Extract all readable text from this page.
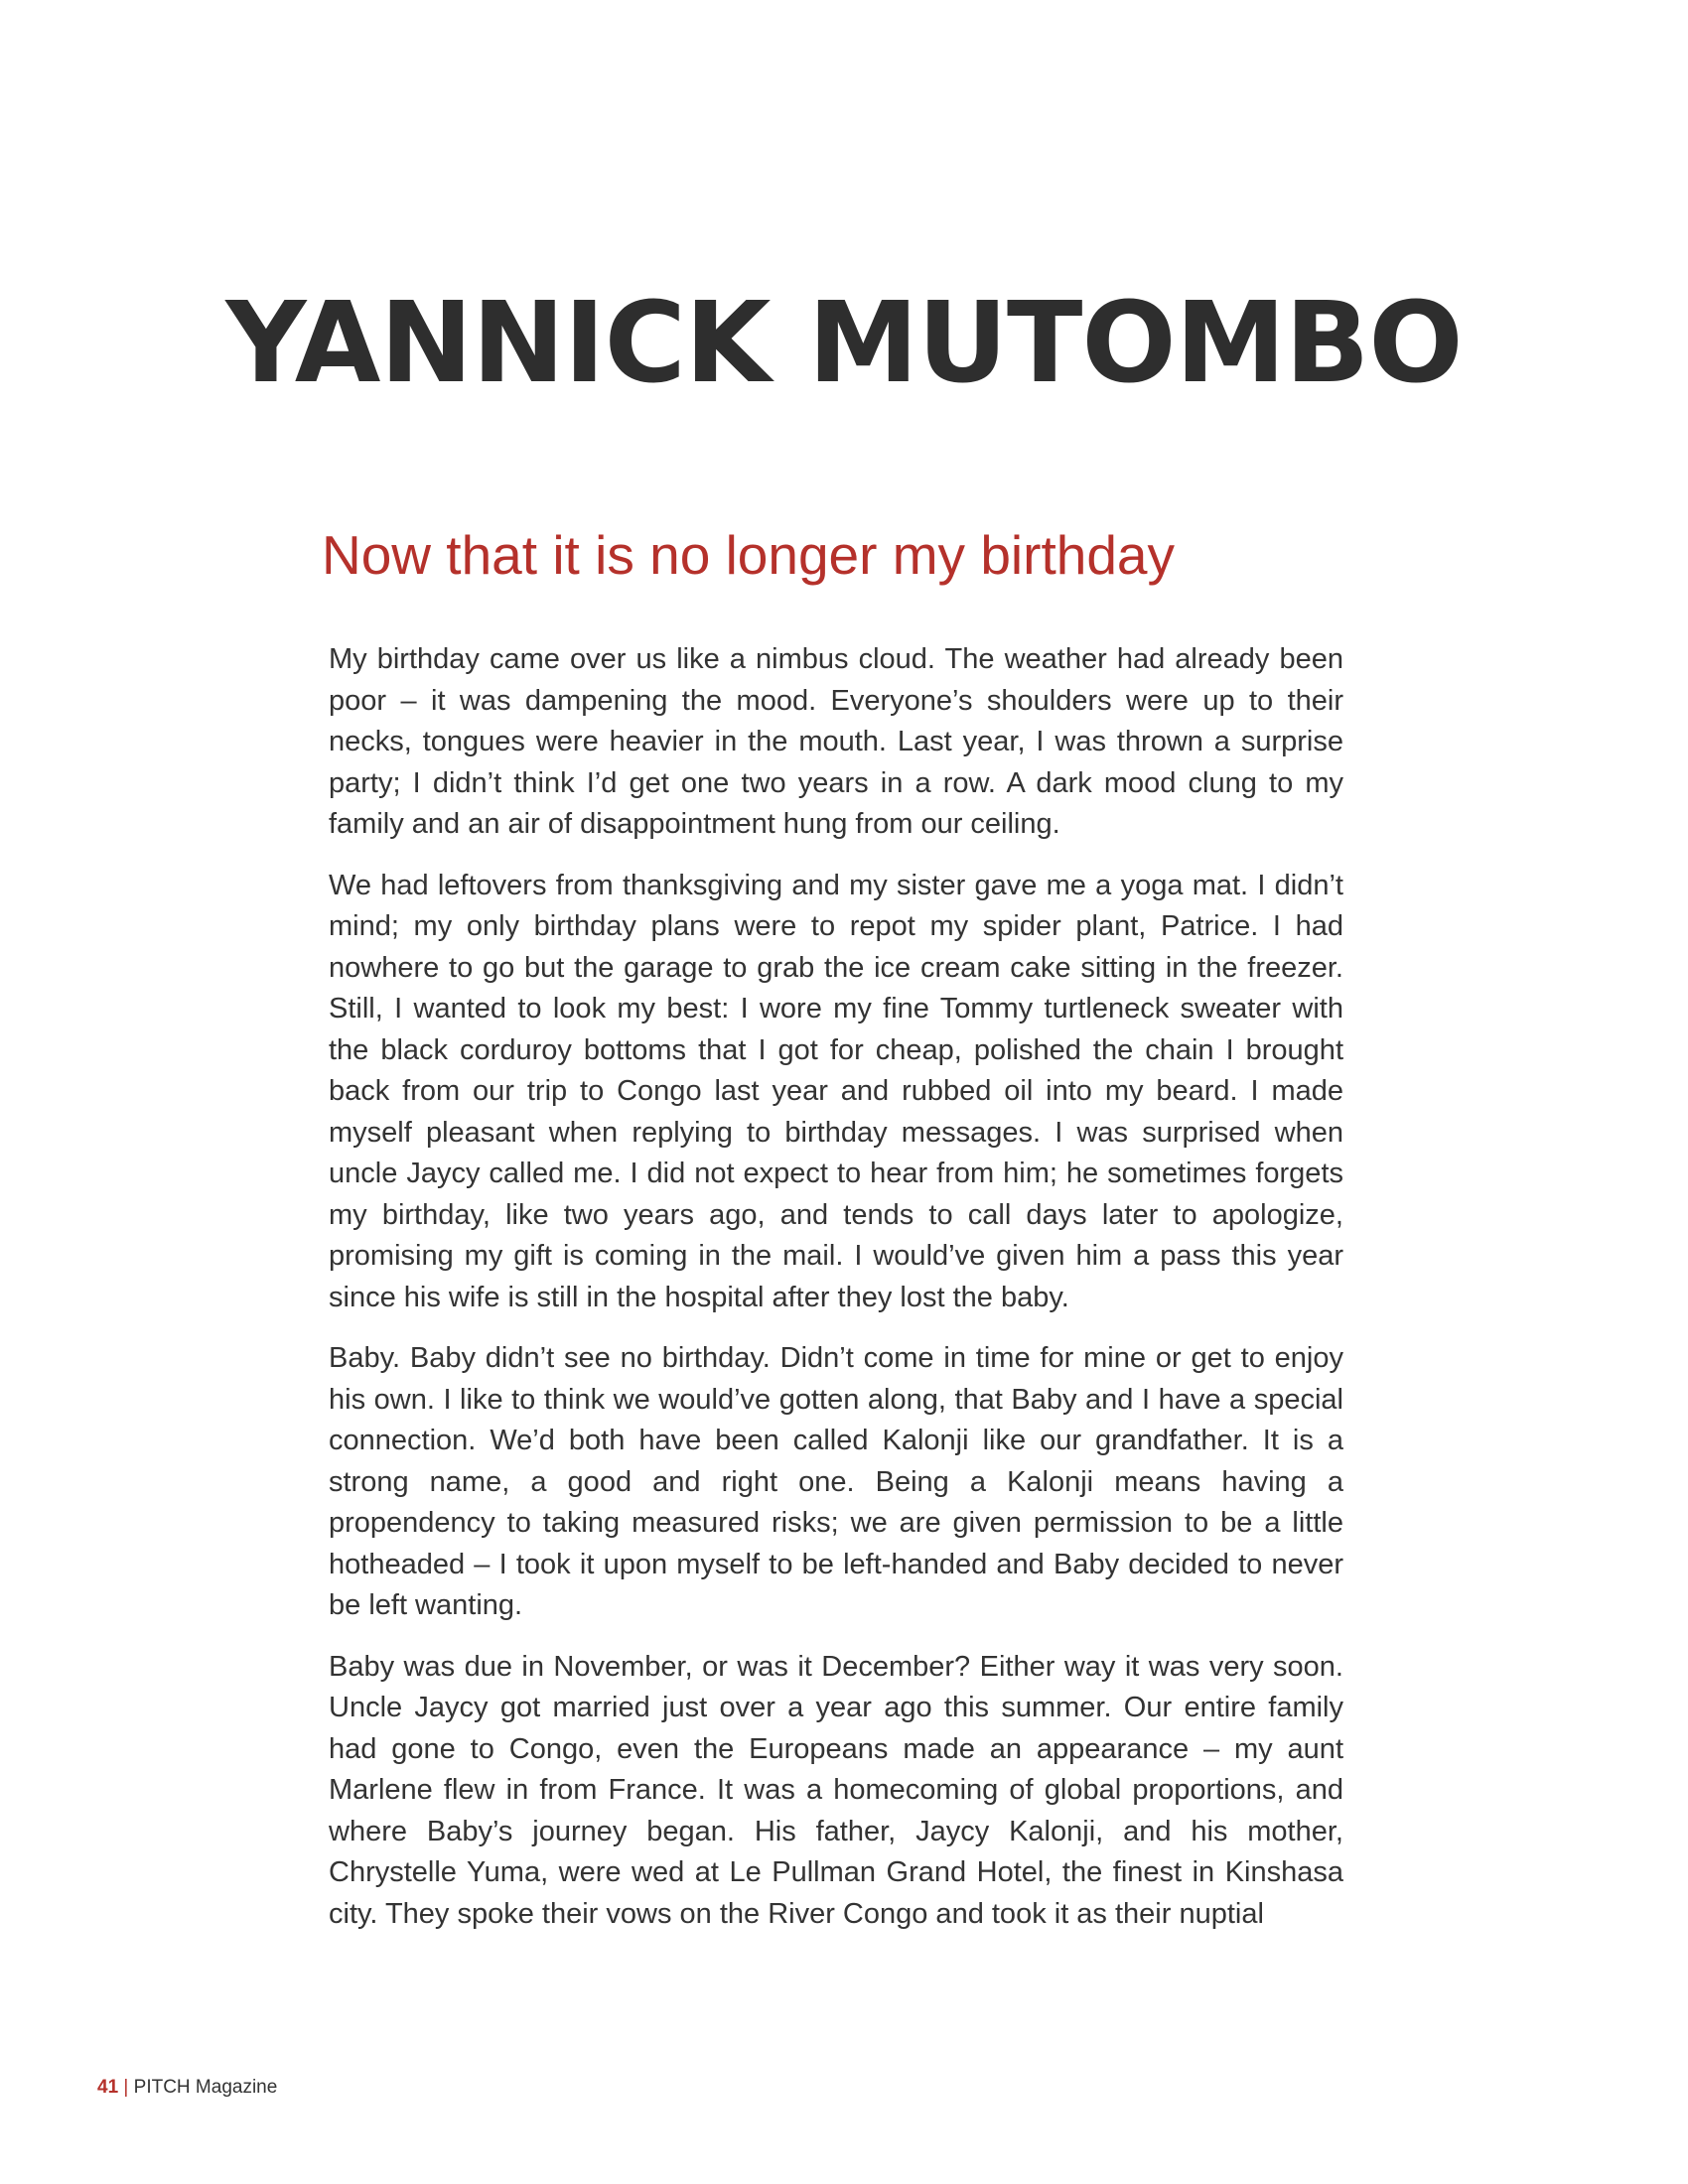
YANNICK MUTOMBO
Now that it is no longer my birthday

My birthday came over us like a nimbus cloud. The weather had already been poor – it was dampening the mood. Everyone’s shoulders were up to their necks, tongues were heavier in the mouth. Last year, I was thrown a surprise party; I didn’t think I’d get one two years in a row. A dark mood clung to my family and an air of disappointment hung from our ceiling.

We had leftovers from thanksgiving and my sister gave me a yoga mat. I didn’t mind; my only birthday plans were to repot my spider plant, Patrice. I had nowhere to go but the garage to grab the ice cream cake sitting in the freezer. Still, I wanted to look my best: I wore my fine Tommy turtleneck sweater with the black corduroy bottoms that I got for cheap, polished the chain I brought back from our trip to Congo last year and rubbed oil into my beard. I made myself pleasant when replying to birthday messages. I was surprised when uncle Jaycy called me. I did not expect to hear from him; he sometimes forgets my birthday, like two years ago, and tends to call days later to apologize, promising my gift is coming in the mail. I would’ve given him a pass this year since his wife is still in the hospital after they lost the baby.

Baby. Baby didn’t see no birthday. Didn’t come in time for mine or get to enjoy his own. I like to think we would’ve gotten along, that Baby and I have a special connection. We’d both have been called Kalonji like our grandfather. It is a strong name, a good and right one. Being a Kalonji means having a propendency to taking measured risks; we are given permission to be a little hotheaded – I took it upon myself to be left-handed and Baby decided to never be left wanting.

Baby was due in November, or was it December? Either way it was very soon. Uncle Jaycy got married just over a year ago this summer. Our entire family had gone to Congo, even the Europeans made an appearance – my aunt Marlene flew in from France. It was a homecoming of global proportions, and where Baby’s journey began. His father, Jaycy Kalonji, and his mother, Chrystelle Yuma, were wed at Le Pullman Grand Hotel, the finest in Kinshasa city. They spoke their vows on the River Congo and took it as their nuptial

41 | PITCH Magazine
